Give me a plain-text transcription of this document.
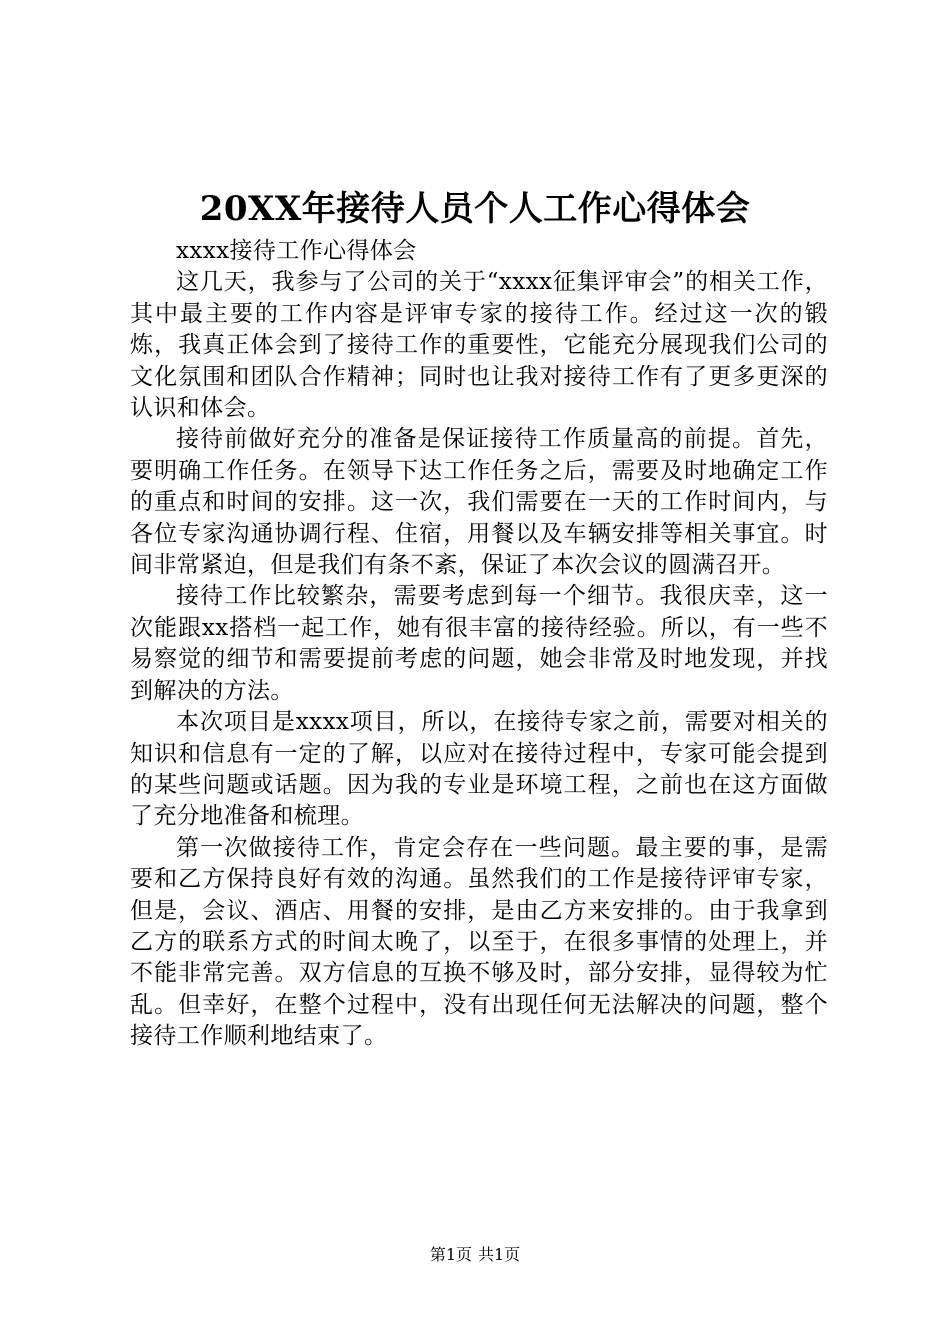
20XX年接待人员个人工作心得体会

xxxx接待工作心得体会

这几天，我参与了公司的关于“xxxx征集评审会”的相关工作，其中最主要的工作内容是评审专家的接待工作。经过这一次的锻炼，我真正体会到了接待工作的重要性，它能充分展现我们公司的文化氛围和团队合作精神；同时也让我对接待工作有了更多更深的认识和体会。

接待前做好充分的准备是保证接待工作质量高的前提。首先，要明确工作任务。在领导下达工作任务之后，需要及时地确定工作的重点和时间的安排。这一次，我们需要在一天的工作时间内，与各位专家沟通协调行程、住宿，用餐以及车辆安排等相关事宜。时间非常紧迫，但是我们有条不紊，保证了本次会议的圆满召开。

接待工作比较繁杂，需要考虑到每一个细节。我很庆幸，这一次能跟xx搭档一起工作，她有很丰富的接待经验。所以，有一些不易察觉的细节和需要提前考虑的问题，她会非常及时地发现，并找到解决的方法。

本次项目是xxxx项目，所以，在接待专家之前，需要对相关的知识和信息有一定的了解，以应对在接待过程中，专家可能会提到的某些问题或话题。因为我的专业是环境工程，之前也在这方面做了充分地准备和梳理。

第一次做接待工作，肯定会存在一些问题。最主要的事，是需要和乙方保持良好有效的沟通。虽然我们的工作是接待评审专家，但是，会议、酒店、用餐的安排，是由乙方来安排的。由于我拿到乙方的联系方式的时间太晚了，以至于，在很多事情的处理上，并不能非常完善。双方信息的互换不够及时，部分安排，显得较为忙乱。但幸好，在整个过程中，没有出现任何无法解决的问题，整个接待工作顺利地结束了。

第1页 共1页
